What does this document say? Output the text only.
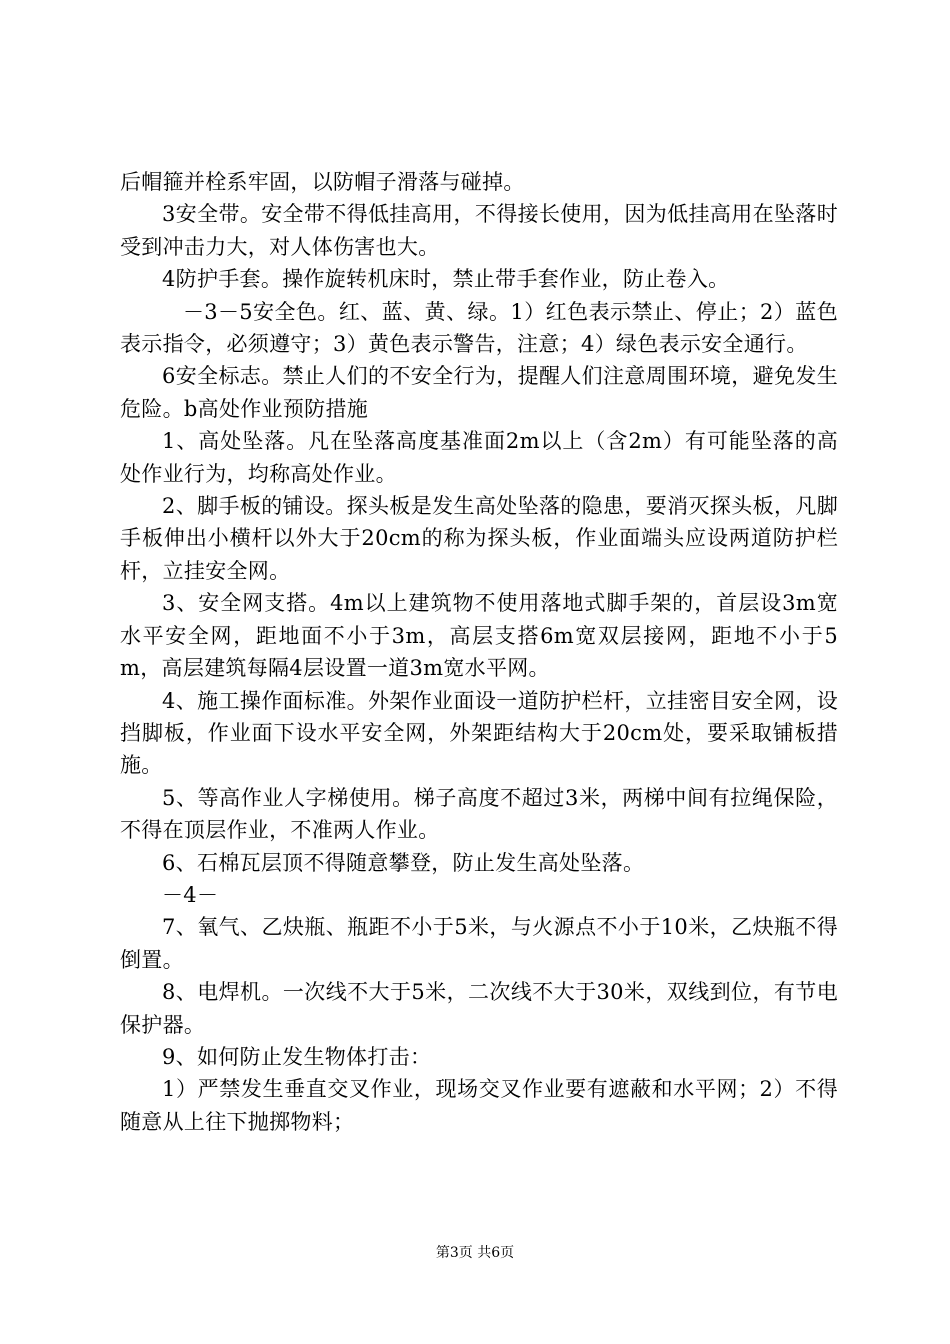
后帽箍并栓系牢固，以防帽子滑落与碰掉。

3安全带。安全带不得低挂高用，不得接长使用，因为低挂高用在坠落时受到冲击力大，对人体伤害也大。

4防护手套。操作旋转机床时，禁止带手套作业，防止卷入。

－3－5安全色。红、蓝、黄、绿。1）红色表示禁止、停止；2）蓝色表示指令，必须遵守；3）黄色表示警告，注意；4）绿色表示安全通行。

6安全标志。禁止人们的不安全行为，提醒人们注意周围环境，避免发生危险。b高处作业预防措施

1、高处坠落。凡在坠落高度基准面2m以上（含2m）有可能坠落的高处作业行为，均称高处作业。

2、脚手板的铺设。探头板是发生高处坠落的隐患，要消灭探头板，凡脚手板伸出小横杆以外大于20cm的称为探头板，作业面端头应设两道防护栏杆，立挂安全网。

3、安全网支搭。4m以上建筑物不使用落地式脚手架的，首层设3m宽水平安全网，距地面不小于3m，高层支搭6m宽双层接网，距地不小于5m，高层建筑每隔4层设置一道3m宽水平网。

4、施工操作面标准。外架作业面设一道防护栏杆，立挂密目安全网，设挡脚板，作业面下设水平安全网，外架距结构大于20cm处，要采取铺板措施。

5、等高作业人字梯使用。梯子高度不超过3米，两梯中间有拉绳保险，不得在顶层作业，不准两人作业。

6、石棉瓦层顶不得随意攀登，防止发生高处坠落。

－4－

7、氧气、乙炔瓶、瓶距不小于5米，与火源点不小于10米，乙炔瓶不得倒置。

8、电焊机。一次线不大于5米，二次线不大于30米，双线到位，有节电保护器。

9、如何防止发生物体打击：

1）严禁发生垂直交叉作业，现场交叉作业要有遮蔽和水平网；2）不得随意从上往下抛掷物料；

第3页 共6页
